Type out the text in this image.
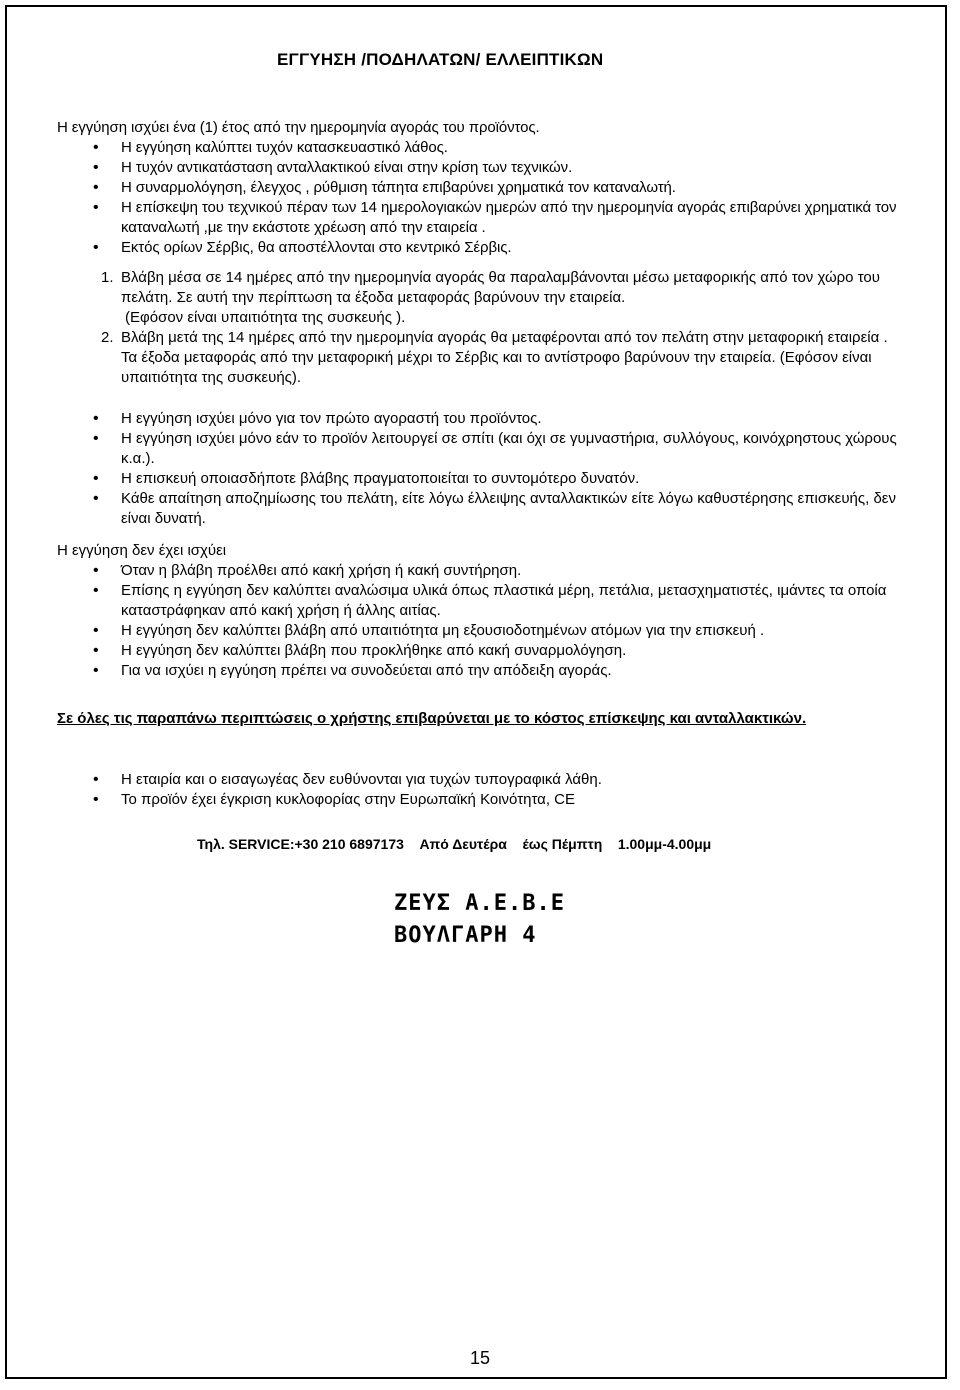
ΕΓΓΥΗΣΗ /ΠΟΔΗΛΑΤΩΝ/ ΕΛΛΕΙΠΤΙΚΩΝ
Η εγγύηση ισχύει ένα (1) έτος από την ημερομηνία αγοράς του προϊόντος.
• Η εγγύηση καλύπτει τυχόν κατασκευαστικό λάθος.
• Η τυχόν αντικατάσταση ανταλλακτικού είναι στην κρίση των τεχνικών.
• Η συναρμολόγηση, έλεγχος , ρύθμιση τάπητα επιβαρύνει χρηματικά τον καταναλωτή.
• Η επίσκεψη του τεχνικού πέραν των 14 ημερολογιακών ημερών από την ημερομηνία αγοράς επιβαρύνει χρηματικά τον καταναλωτή ,με την εκάστοτε χρέωση από την εταιρεία .
• Εκτός ορίων Σέρβις, θα αποστέλλονται στο κεντρικό Σέρβις.
1. Βλάβη μέσα σε 14 ημέρες από την ημερομηνία αγοράς θα παραλαμβάνονται μέσω μεταφορικής από τον χώρο του πελάτη. Σε αυτή την περίπτωση τα έξοδα μεταφοράς βαρύνουν την εταιρεία.
(Εφόσον είναι υπαιτιότητα της συσκευής ).
2. Βλάβη μετά της 14 ημέρες από την ημερομηνία αγοράς θα μεταφέρονται από τον πελάτη στην μεταφορική εταιρεία . Τα έξοδα μεταφοράς από την μεταφορική μέχρι το Σέρβις και το αντίστροφο βαρύνουν την εταιρεία. (Εφόσον είναι υπαιτιότητα της συσκευής).
• Η εγγύηση ισχύει μόνο για τον πρώτο αγοραστή του προϊόντος.
• Η εγγύηση ισχύει μόνο εάν το προϊόν λειτουργεί σε σπίτι (και όχι σε γυμναστήρια, συλλόγους, κοινόχρηστους χώρους κ.α.).
• Η επισκευή οποιασδήποτε βλάβης πραγματοποιείται το συντομότερο δυνατόν.
• Κάθε απαίτηση αποζημίωσης του πελάτη, είτε λόγω έλλειψης ανταλλακτικών είτε λόγω καθυστέρησης επισκευής, δεν είναι δυνατή.
Η εγγύηση δεν έχει ισχύει
• Όταν η βλάβη προέλθει από κακή χρήση ή κακή συντήρηση.
• Επίσης η εγγύηση δεν καλύπτει αναλώσιμα υλικά όπως πλαστικά μέρη, πετάλια, μετασχηματιστές, ιμάντες τα οποία καταστράφηκαν από κακή χρήση ή άλλης αιτίας.
• Η εγγύηση δεν καλύπτει βλάβη από υπαιτιότητα μη εξουσιοδοτημένων ατόμων για την επισκευή .
• Η εγγύηση δεν καλύπτει βλάβη που προκλήθηκε από κακή συναρμολόγηση.
• Για να ισχύει η εγγύηση πρέπει να συνοδεύεται από την απόδειξη αγοράς.
Σε όλες τις παραπάνω περιπτώσεις ο χρήστης επιβαρύνεται με το κόστος επίσκεψης και ανταλλακτικών.
• Η εταιρία και ο εισαγωγέας δεν ευθύνονται για τυχών τυπογραφικά λάθη.
• Το προϊόν έχει έγκριση κυκλοφορίας στην Ευρωπαϊκή Κοινότητα, CE
Τηλ. SERVICE:+30 210 6897173    Από Δευτέρα    έως Πέμπτη    1.00μμ-4.00μμ
ΖΕΥΣ Α.Ε.Β.Ε
ΒΟΥΛΓΑΡΗ 4
15
